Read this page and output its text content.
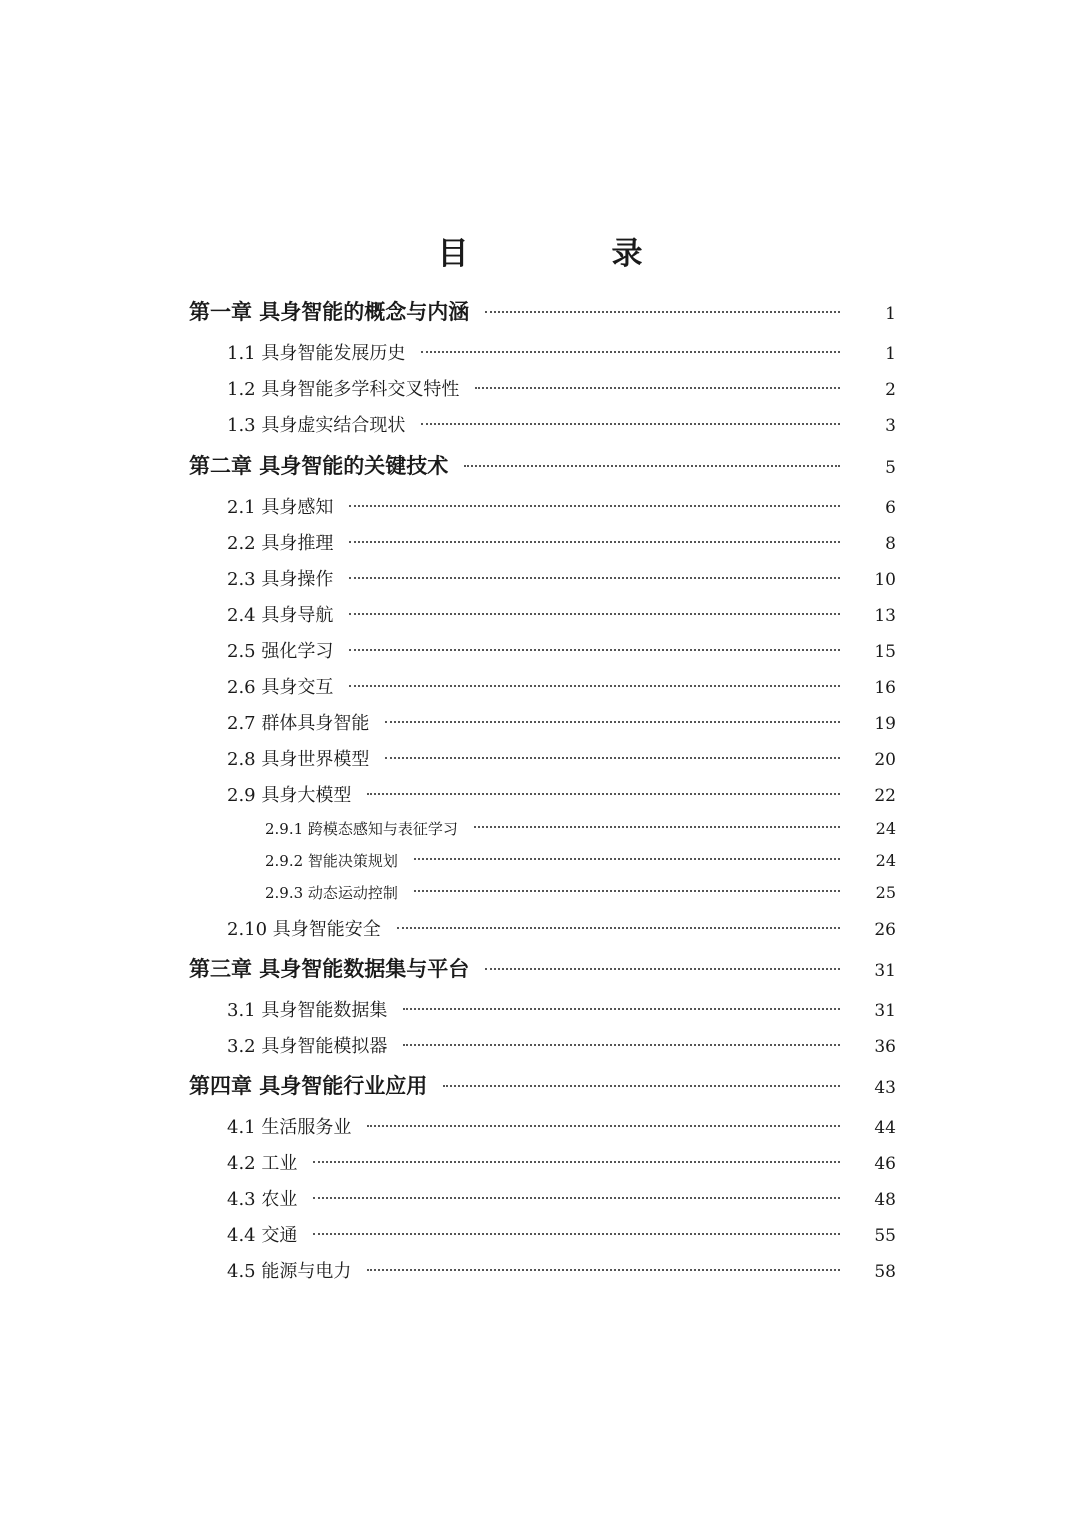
目　录
第一章 具身智能的概念与内涵	1
1.1 具身智能发展历史	1
1.2 具身智能多学科交叉特性	2
1.3 具身虚实结合现状	3
第二章 具身智能的关键技术	5
2.1 具身感知	6
2.2 具身推理	8
2.3 具身操作	10
2.4 具身导航	13
2.5 强化学习	15
2.6 具身交互	16
2.7 群体具身智能	19
2.8 具身世界模型	20
2.9 具身大模型	22
2.9.1 跨模态感知与表征学习	24
2.9.2 智能决策规划	24
2.9.3 动态运动控制	25
2.10 具身智能安全	26
第三章 具身智能数据集与平台	31
3.1 具身智能数据集	31
3.2 具身智能模拟器	36
第四章 具身智能行业应用	43
4.1 生活服务业	44
4.2 工业	46
4.3 农业	48
4.4 交通	55
4.5 能源与电力	58
